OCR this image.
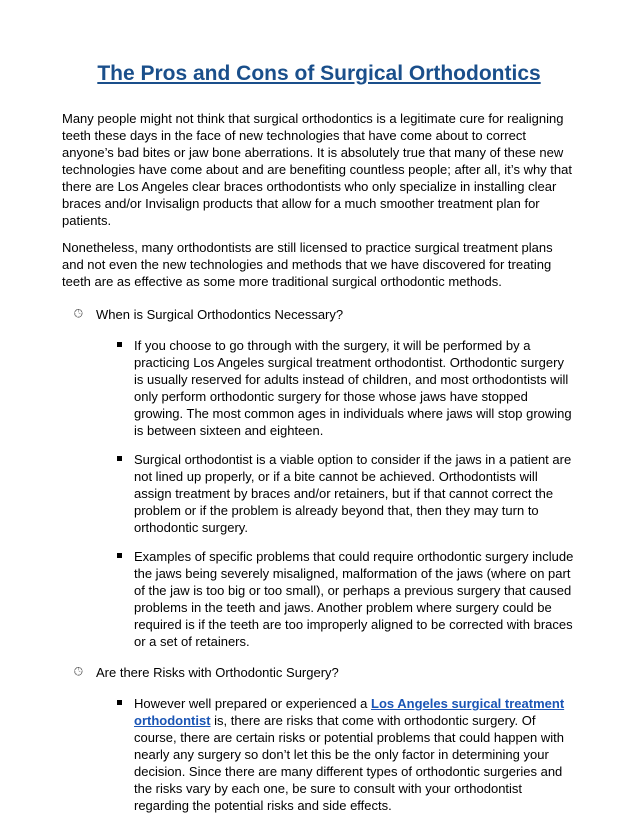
The Pros and Cons of Surgical Orthodontics

Many people might not think that surgical orthodontics is a legitimate cure for realigning teeth these days in the face of new technologies that have come about to correct anyone’s bad bites or jaw bone aberrations. It is absolutely true that many of these new technologies have come about and are benefiting countless people; after all, it’s why that there are Los Angeles clear braces orthodontists who only specialize in installing clear braces and/or Invisalign products that allow for a much smoother treatment plan for patients.

Nonetheless, many orthodontists are still licensed to practice surgical treatment plans and not even the new technologies and methods that we have discovered for treating teeth are as effective as some more traditional surgical orthodontic methods.

🕒︎	When is Surgical Orthodontics Necessary?
If you choose to go through with the surgery, it will be performed by a practicing Los Angeles surgical treatment orthodontist. Orthodontic surgery is usually reserved for adults instead of children, and most orthodontists will only perform orthodontic surgery for those whose jaws have stopped growing. The most common ages in individuals where jaws will stop growing is between sixteen and eighteen.
Surgical orthodontist is a viable option to consider if the jaws in a patient are not lined up properly, or if a bite cannot be achieved. Orthodontists will assign treatment by braces and/or retainers, but if that cannot correct the problem or if the problem is already beyond that, then they may turn to orthodontic surgery.
Examples of specific problems that could require orthodontic surgery include the jaws being severely misaligned, malformation of the jaws (where on part of the jaw is too big or too small), or perhaps a previous surgery that caused problems in the teeth and jaws. Another problem where surgery could be required is if the teeth are too improperly aligned to be corrected with braces or a set of retainers.
🕒︎	Are there Risks with Orthodontic Surgery?
However well prepared or experienced a Los Angeles surgical treatment orthodontist is, there are risks that come with orthodontic surgery. Of course, there are certain risks or potential problems that could happen with nearly any surgery so don’t let this be the only factor in determining your decision. Since there are many different types of orthodontic surgeries and the risks vary by each one, be sure to consult with your orthodontist regarding the potential risks and side effects.
